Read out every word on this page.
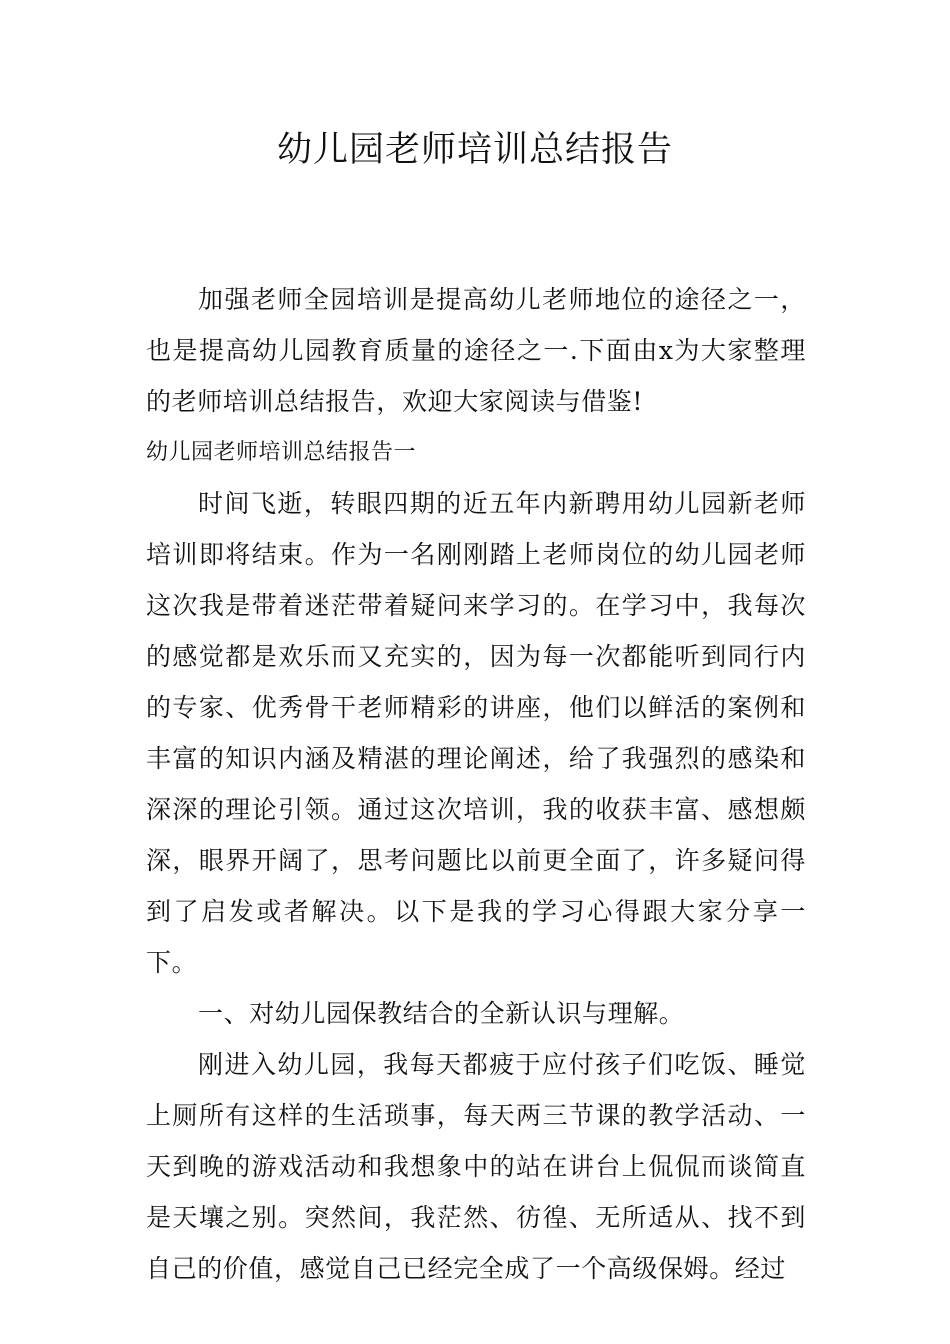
幼儿园老师培训总结报告

加强老师全园培训是提高幼儿老师地位的途径之一，也是提高幼儿园教育质量的途径之一.下面由x为大家整理的老师培训总结报告，欢迎大家阅读与借鉴!

幼儿园老师培训总结报告一

时间飞逝，转眼四期的近五年内新聘用幼儿园新老师培训即将结束。作为一名刚刚踏上老师岗位的幼儿园老师这次我是带着迷茫带着疑问来学习的。在学习中，我每次的感觉都是欢乐而又充实的，因为每一次都能听到同行内的专家、优秀骨干老师精彩的讲座，他们以鲜活的案例和丰富的知识内涵及精湛的理论阐述，给了我强烈的感染和深深的理论引领。通过这次培训，我的收获丰富、感想颇深，眼界开阔了，思考问题比以前更全面了，许多疑问得到了启发或者解决。以下是我的学习心得跟大家分享一下。

一、对幼儿园保教结合的全新认识与理解。

刚进入幼儿园，我每天都疲于应付孩子们吃饭、睡觉上厕所有这样的生活琐事，每天两三节课的教学活动、一天到晚的游戏活动和我想象中的站在讲台上侃侃而谈简直是天壤之别。突然间，我茫然、彷徨、无所适从、找不到自己的价值，感觉自己已经完全成了一个高级保姆。经过
